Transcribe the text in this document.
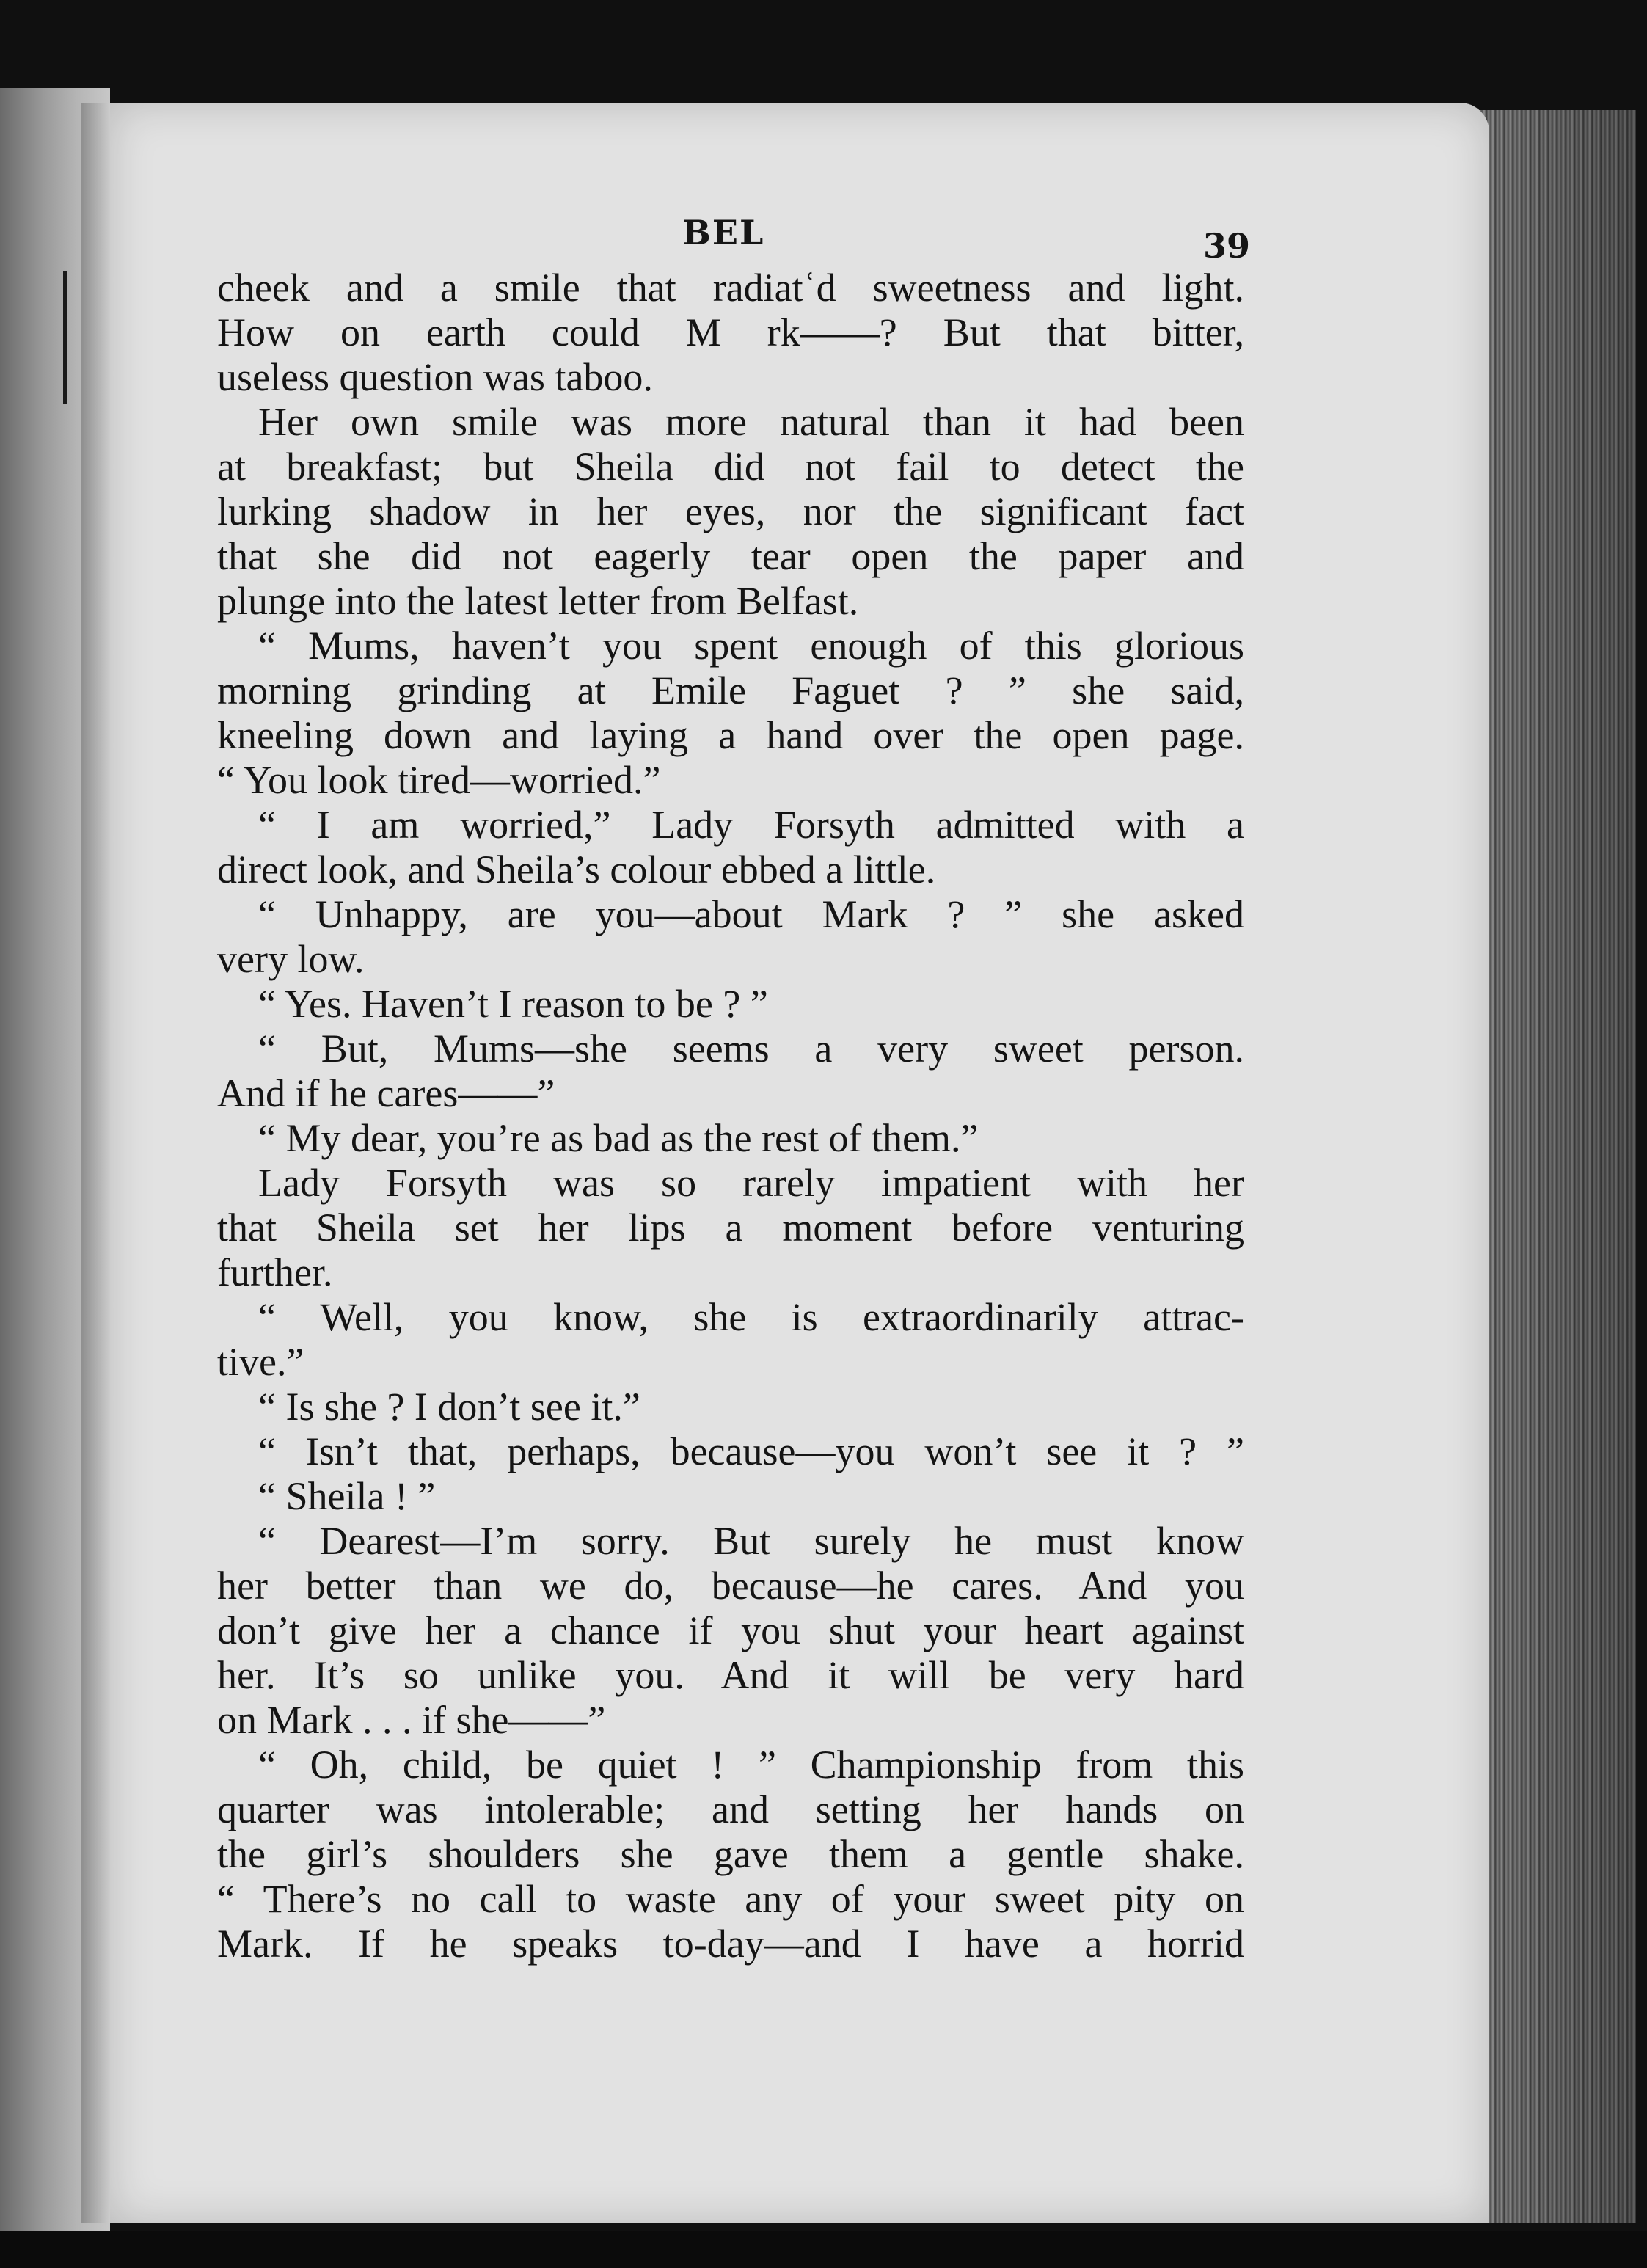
BEL	39
cheek and a smile that radiat⁠ʿ⁠⁠d sweetness and light.
How on earth could M rk——? But that bitter,
useless question was taboo.
Her own smile was more natural than it had been
at breakfast; but Sheila did not fail to detect the
lurking shadow in her eyes, nor the significant fact
that she did not eagerly tear open the paper and
plunge into the latest letter from Belfast.
“ Mums, haven’t you spent enough of this glorious
morning grinding at Emile Faguet ? ” she said,
kneeling down and laying a hand over the open page.
“ You look tired—worried.”
“ I am worried,” Lady Forsyth admitted with a
direct look, and Sheila’s colour ebbed a little.
“ Unhappy, are you—about Mark ? ” she asked
very low.
“ Yes. Haven’t I reason to be ? ”
“ But, Mums—she seems a very sweet person.
And if he cares——”
“ My dear, you’re as bad as the rest of them.”
Lady Forsyth was so rarely impatient with her
that Sheila set her lips a moment before venturing
further.
“ Well, you know, she is extraordinarily attrac-
tive.”
“ Is she ? I don’t see it.”
“ Isn’t that, perhaps, because—you won’t see it ? ”
“ Sheila ! ”
“ Dearest—I’m sorry. But surely he must know
her better than we do, because—he cares. And you
don’t give her a chance if you shut your heart against
her. It’s so unlike you. And it will be very hard
on Mark . . . if she——”
“ Oh, child, be quiet ! ” Championship from this
quarter was intolerable; and setting her hands on
the girl’s shoulders she gave them a gentle shake.
“ There’s no call to waste any of your sweet pity on
Mark. If he speaks to-day—and I have a horrid
